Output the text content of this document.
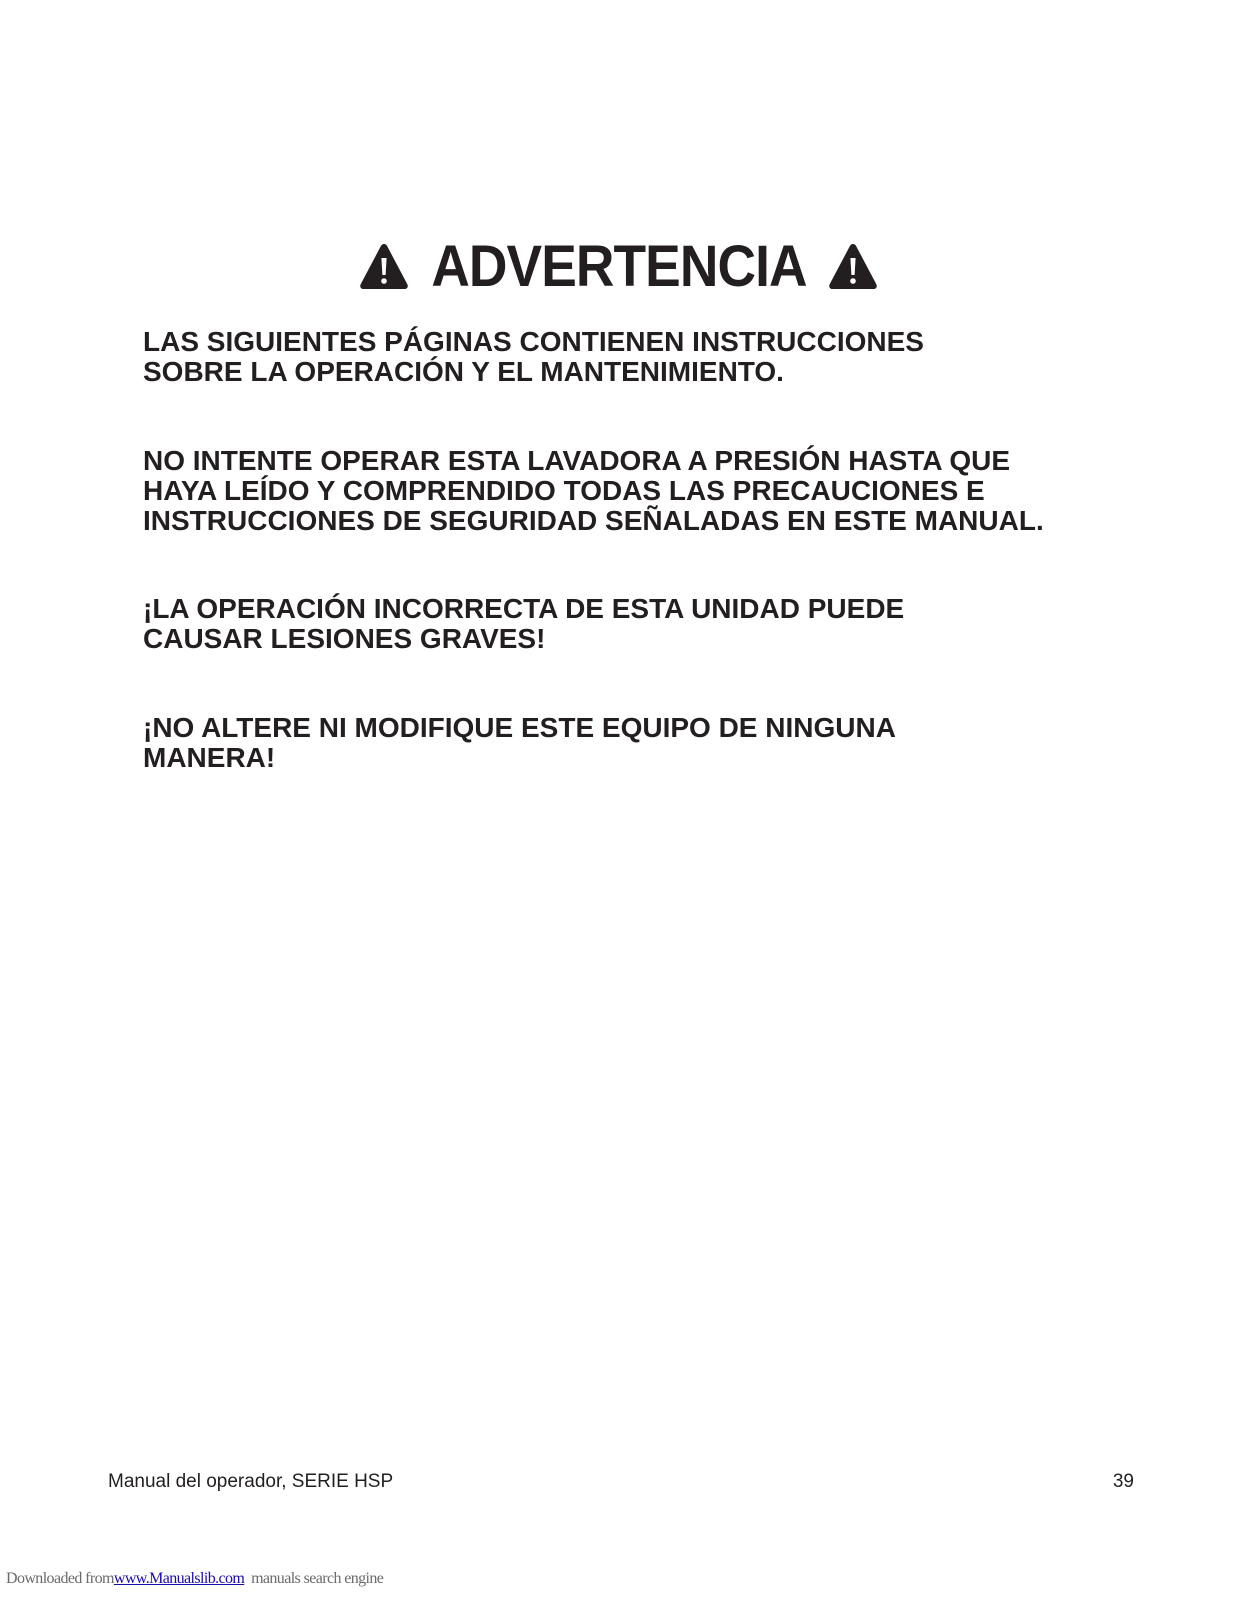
ADVERTENCIA

LAS SIGUIENTES PÁGINAS CONTIENEN INSTRUCCIONES
SOBRE LA OPERACIÓN Y EL MANTENIMIENTO.

NO INTENTE OPERAR ESTA LAVADORA A PRESIÓN HASTA QUE
HAYA LEÍDO Y COMPRENDIDO TODAS LAS PRECAUCIONES E
INSTRUCCIONES DE SEGURIDAD SEÑALADAS EN ESTE MANUAL.

¡LA OPERACIÓN INCORRECTA DE ESTA UNIDAD PUEDE
CAUSAR LESIONES GRAVES!

¡NO ALTERE NI MODIFIQUE ESTE EQUIPO DE NINGUNA
MANERA!

Manual del operador, SERIE HSP	39
Downloaded fromwww.Manualslib.com manuals search engine
